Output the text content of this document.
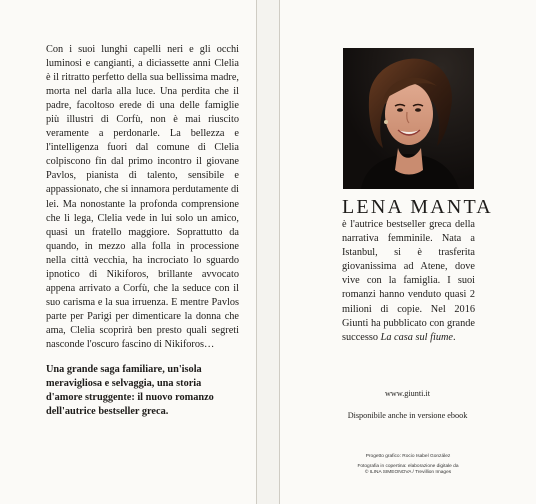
Con i suoi lunghi capelli neri e gli occhi luminosi e cangianti, a diciassette anni Clelia è il ritratto perfetto della sua bellissima madre, morta nel darla alla luce. Una perdita che il padre, facoltoso erede di una delle famiglie più illustri di Corfù, non è mai riuscito veramente a perdonarle. La bellezza e l'intelligenza fuori dal comune di Clelia colpiscono fin dal primo incontro il giovane Pavlos, pianista di talento, sensibile e appassionato, che si innamora perdutamente di lei. Ma nonostante la profonda comprensione che li lega, Clelia vede in lui solo un amico, quasi un fratello maggiore. Soprattutto da quando, in mezzo alla folla in processione nella città vecchia, ha incrociato lo sguardo ipnotico di Nikiforos, brillante avvocato appena arrivato a Corfù, che la seduce con il suo carisma e la sua irruenza. E mentre Pavlos parte per Parigi per dimenticare la donna che ama, Clelia scoprirà ben presto quali segreti nasconde l'oscuro fascino di Nikiforos…

Una grande saga familiare, un'isola meravigliosa e selvaggia, una storia d'amore struggente: il nuovo romanzo dell'autrice bestseller greca.

LENA MANTA

è l'autrice bestseller greca della narrativa femminile. Nata a Istanbul, si è trasferita giovanissima ad Atene, dove vive con la famiglia. I suoi romanzi hanno venduto quasi 2 milioni di copie. Nel 2016 Giunti ha pubblicato con grande successo La casa sul fiume.

www.giunti.it

Disponibile anche in versione ebook

Progetto grafico: Rocio Isabel González
Fotografia in copertina: elaborazione digitale da
© ILINA SIMEONOVA / Trevillion Images
